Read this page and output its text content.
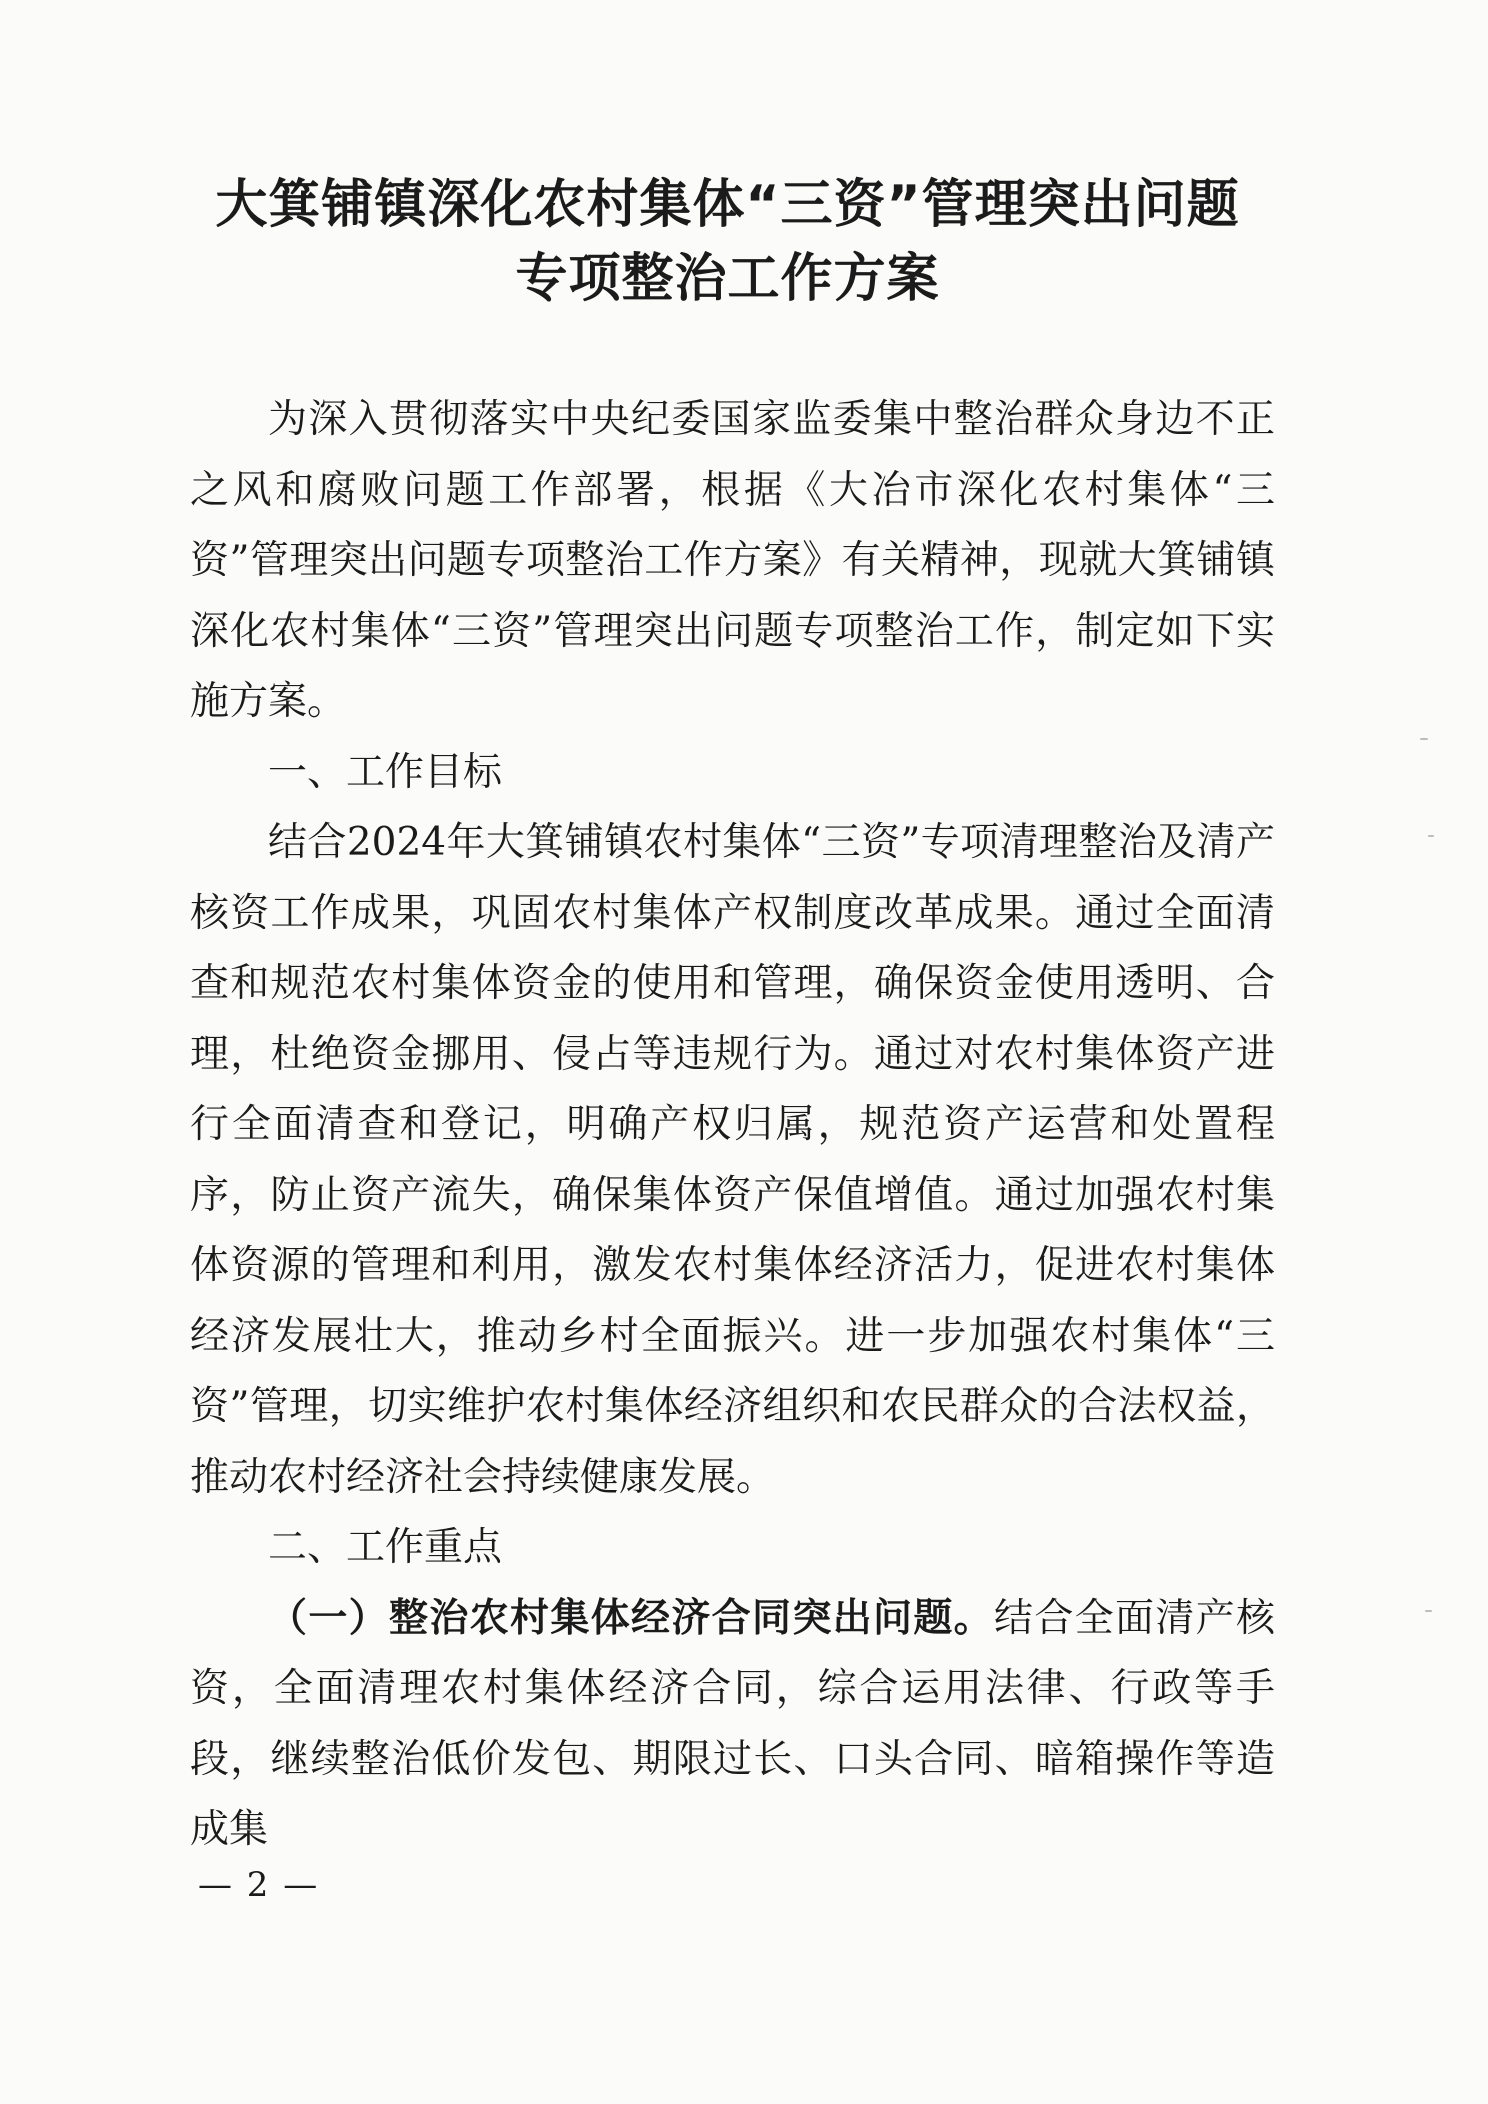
大箕铺镇深化农村集体“三资”管理突出问题
专项整治工作方案

为深入贯彻落实中央纪委国家监委集中整治群众身边不正之风和腐败问题工作部署，根据《大冶市深化农村集体“三资”管理突出问题专项整治工作方案》有关精神，现就大箕铺镇深化农村集体“三资”管理突出问题专项整治工作，制定如下实施方案。

一、工作目标

结合2024年大箕铺镇农村集体“三资”专项清理整治及清产核资工作成果，巩固农村集体产权制度改革成果。通过全面清查和规范农村集体资金的使用和管理，确保资金使用透明、合理，杜绝资金挪用、侵占等违规行为。通过对农村集体资产进行全面清查和登记，明确产权归属，规范资产运营和处置程序，防止资产流失，确保集体资产保值增值。通过加强农村集体资源的管理和利用，激发农村集体经济活力，促进农村集体经济发展壮大，推动乡村全面振兴。进一步加强农村集体“三资”管理，切实维护农村集体经济组织和农民群众的合法权益，推动农村经济社会持续健康发展。

二、工作重点

（一）整治农村集体经济合同突出问题。结合全面清产核资，全面清理农村集体经济合同，综合运用法律、行政等手段，继续整治低价发包、期限过长、口头合同、暗箱操作等造成集

— 2 —
